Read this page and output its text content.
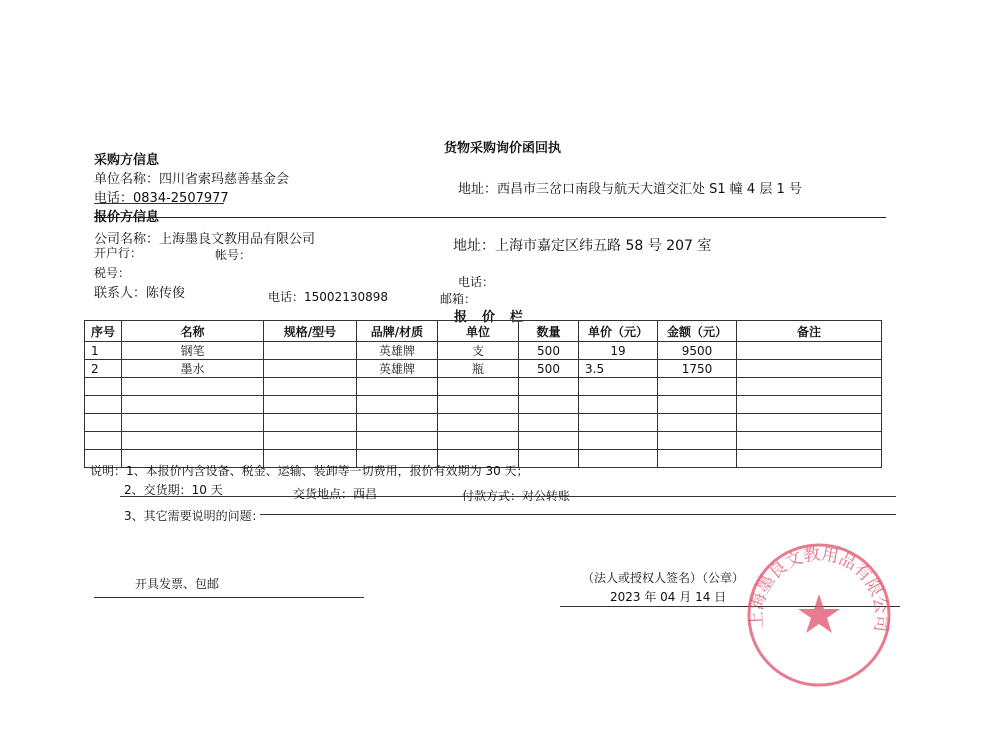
货物采购询价函回执
采购方信息
单位名称：四川省索玛慈善基金会
电话：0834-2507977
地址：西昌市三岔口南段与航天大道交汇处 S1 幢 4 层 1 号
报价方信息
公司名称：上海墨良文教用品有限公司	地址：上海市嘉定区纬五路 58 号 207 室
开户行：	帐号：
税号：
电话：
联系人：陈传俊	电话：15002130898	邮箱：
报　价　栏
序号	名称	规格/型号	品牌/材质	单位	数量	单价（元）	金额（元）	备注
1	钢笔		英雄牌	支	500	19	9500	
2	墨水		英雄牌	瓶	500	3.5	1750	

说明：1、本报价内含设备、税金、运输、装卸等一切费用，报价有效期为 30 天；
2、交货期：10 天	交货地点：西昌	付款方式：对公转账
3、其它需要说明的问题：
开具发票、包邮	（法人或授权人签名）（公章）
2023 年 04 月 14 日
上海墨良文教用品有限公司
